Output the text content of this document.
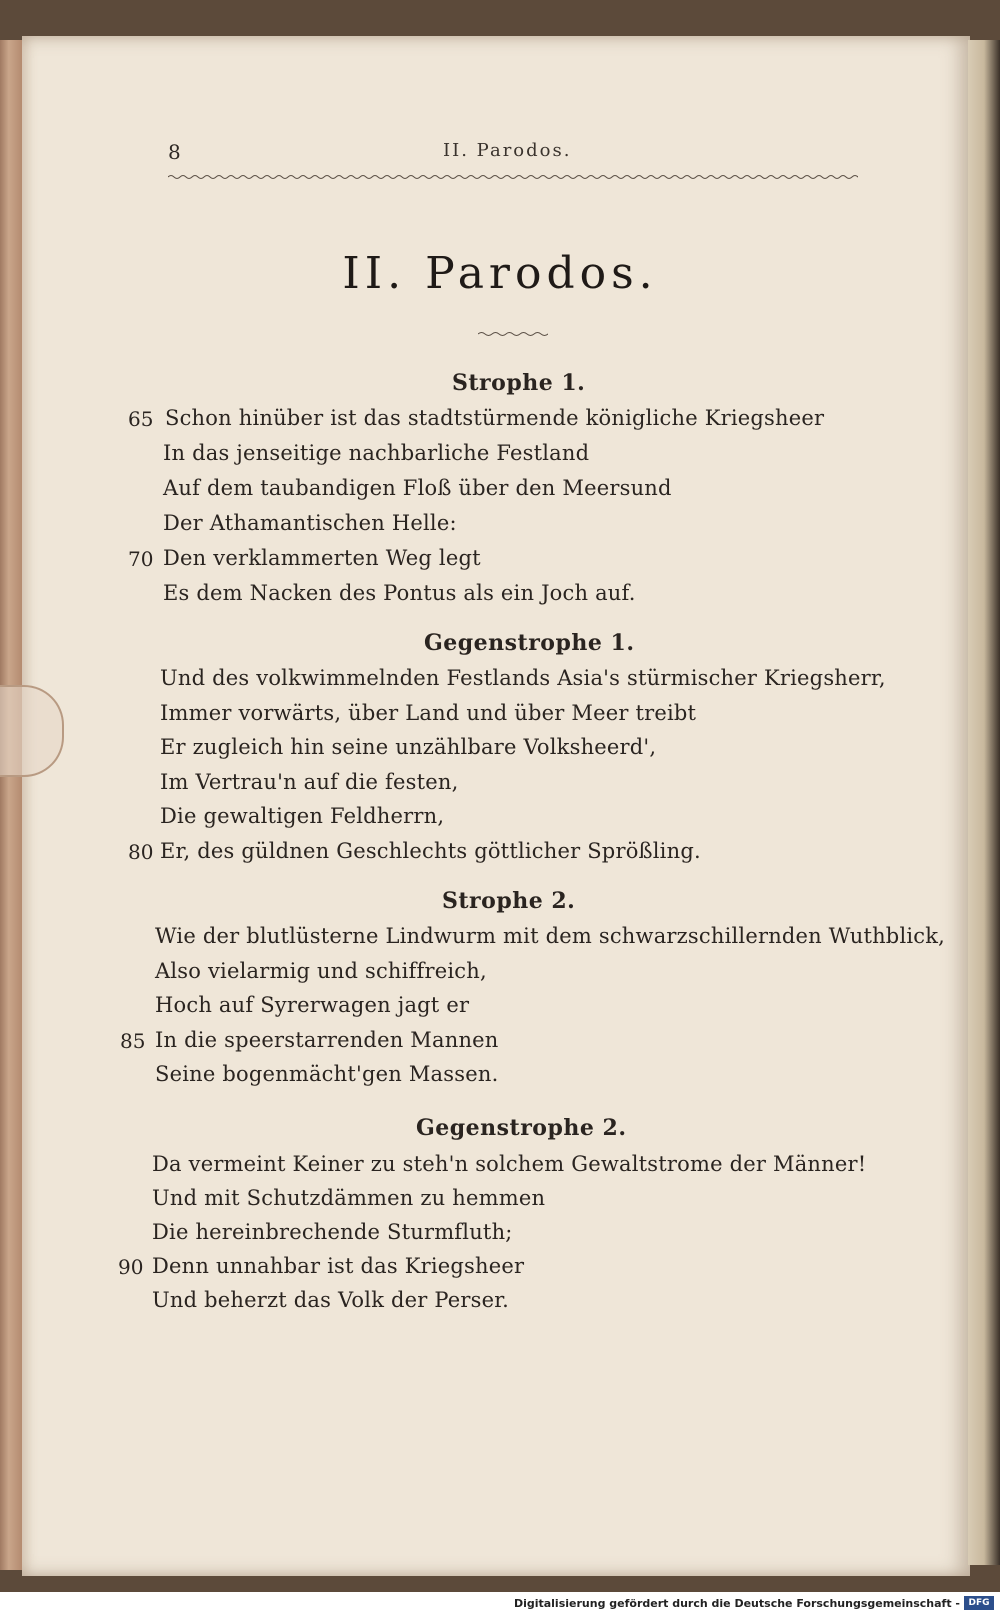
8	II. Parodos.
II. Parodos.
Strophe 1.
65 Schon hinüber ist das stadtstürmende königliche Kriegsheer
In das jenseitige nachbarliche Festland
Auf dem taubandigen Floß über den Meersund
Der Athamantischen Helle:
70 Den verklammerten Weg legt
Es dem Nacken des Pontus als ein Joch auf.
Gegenstrophe 1.
Und des volkwimmelnden Festlands Asia's stürmischer Kriegsherr,
Immer vorwärts, über Land und über Meer treibt
Er zugleich hin seine unzählbare Volksheerd',
Im Vertrau'n auf die festen,
Die gewaltigen Feldherrn,
80 Er, des güldnen Geschlechts göttlicher Sprößling.
Strophe 2.
Wie der blutlüsterne Lindwurm mit dem schwarzschillernden Wuthblick,
Also vielarmig und schiffreich,
Hoch auf Syrerwagen jagt er
85 In die speerstarrenden Mannen
Seine bogenmächt'gen Massen.
Gegenstrophe 2.
Da vermeint Keiner zu steh'n solchem Gewaltstrome der Männer!
Und mit Schutzdämmen zu hemmen
Die hereinbrechende Sturmfluth;
90 Denn unnahbar ist das Kriegsheer
Und beherzt das Volk der Perser.
Digitalisierung gefördert durch die Deutsche Forschungsgemeinschaft - DFG
